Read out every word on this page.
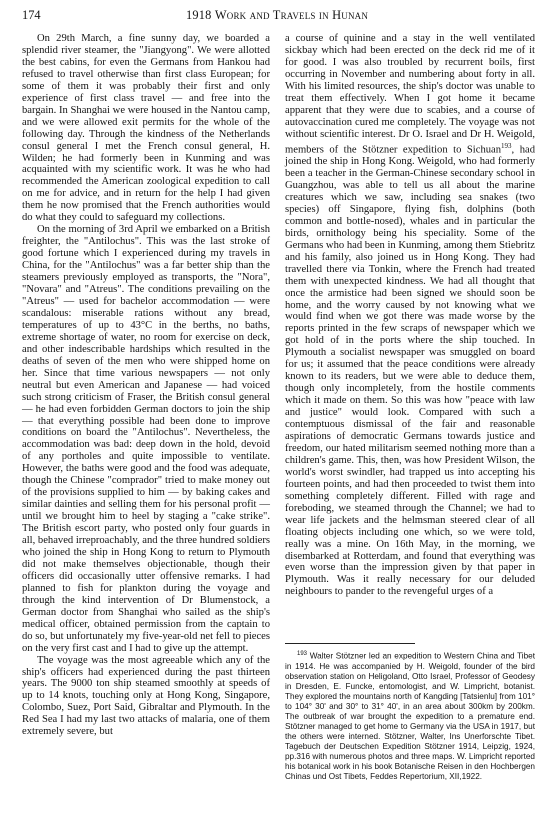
174	1918 Work and Travels in Hunan

On 29th March, a fine sunny day, we boarded a splendid river steamer, the "Jiangyong". We were allotted the best cabins, for even the Germans from Hankou had refused to travel otherwise than first class European; for some of them it was probably their first and only experience of first class travel — and free into the bargain. In Shanghai we were housed in the Nantou camp, and we were allowed exit permits for the whole of the following day. Through the kindness of the Netherlands consul general I met the French consul general, H. Wilden; he had formerly been in Kunming and was acquainted with my scientific work. It was he who had recommended the American zoological expedition to call on me for advice, and in return for the help I had given them he now promised that the French authorities would do what they could to safeguard my collections.

On the morning of 3rd April we embarked on a British freighter, the "Antilochus". This was the last stroke of good fortune which I experienced during my travels in China, for the "Antilochus" was a far better ship than the steamers previously employed as transports, the "Nora", "Novara" and "Atreus". The conditions prevailing on the "Atreus" — used for bachelor accommodation — were scandalous: miserable rations without any bread, temperatures of up to 43°C in the berths, no baths, extreme shortage of water, no room for exercise on deck, and other indescribable hardships which resulted in the deaths of seven of the men who were shipped home on her. Since that time various newspapers — not only neutral but even American and Japanese — had voiced such strong criticism of Fraser, the British consul general — he had even forbidden German doctors to join the ship — that everything possible had been done to improve conditions on board the "Antilochus". Nevertheless, the accommodation was bad: deep down in the hold, devoid of any portholes and quite impossible to ventilate. However, the baths were good and the food was adequate, though the Chinese "comprador" tried to make money out of the provisions supplied to him — by baking cakes and similar dainties and selling them for his personal profit — until we brought him to heel by staging a "cake strike". The British escort party, who posted only four guards in all, behaved irreproachably, and the three hundred soldiers who joined the ship in Hong Kong to return to Plymouth did not make themselves objectionable, though their officers did occasionally utter offensive remarks. I had planned to fish for plankton during the voyage and through the kind intervention of Dr Blumenstock, a German doctor from Shanghai who sailed as the ship's medical officer, obtained permission from the captain to do so, but unfortunately my five-year-old net fell to pieces on the very first cast and I had to give up the attempt.

The voyage was the most agreeable which any of the ship's officers had experienced during the past thirteen years. The 9000 ton ship steamed smoothly at speeds of up to 14 knots, touching only at Hong Kong, Singapore, Colombo, Suez, Port Said, Gibraltar and Plymouth. In the Red Sea I had my last two attacks of malaria, one of them extremely severe, but

a course of quinine and a stay in the well ventilated sickbay which had been erected on the deck rid me of it for good. I was also troubled by recurrent boils, first occurring in November and numbering about forty in all. With his limited resources, the ship's doctor was unable to treat them effectively. When I got home it became apparent that they were due to scabies, and a course of autovaccination cured me completely. The voyage was not without scientific interest. Dr O. Israel and Dr H. Weigold, members of the Stötzner expedition to Sichuan$^{193}$, had joined the ship in Hong Kong. Weigold, who had formerly been a teacher in the German-Chinese secondary school in Guangzhou, was able to tell us all about the marine creatures which we saw, including sea snakes (two species) off Singapore, flying fish, dolphins (both common and bottle-nosed), whales and in particular the birds, ornithology being his speciality. Some of the Germans who had been in Kunming, among them Stiebritz and his family, also joined us in Hong Kong. They had travelled there via Tonkin, where the French had treated them with unexpected kindness. We had all thought that once the armistice had been signed we should soon be home, and the worry caused by not knowing what we would find when we got there was made worse by the reports printed in the few scraps of newspaper which we got hold of in the ports where the ship touched. In Plymouth a socialist newspaper was smuggled on board for us; it assumed that the peace conditions were already known to its readers, but we were able to deduce them, though only incompletely, from the hostile comments which it made on them. So this was how "peace with law and justice" would look. Compared with such a contemptuous dismissal of the fair and reasonable aspirations of democratic Germans towards justice and freedom, our hated militarism seemed nothing more than a children's game. This, then, was how President Wilson, the world's worst swindler, had trapped us into accepting his fourteen points, and had then proceeded to twist them into something completely different. Filled with rage and foreboding, we steamed through the Channel; we had to wear life jackets and the helmsman steered clear of all floating objects including one which, so we were told, really was a mine. On 16th May, in the morning, we disembarked at Rotterdam, and found that everything was even worse than the impression given by that paper in Plymouth. Was it really necessary for our deluded neighbours to pander to the revengeful urges of a

$^{193}$ Walter Stötzner led an expedition to Western China and Tibet in 1914. He was accompanied by H. Weigold, founder of the bird observation station on Heligoland, Otto Israel, Professor of Geodesy in Dresden, E. Funcke, entomologist, and W. Limpricht, botanist. They explored the mountains north of Kangding [Tatsienlu] from 101° to 104° 30' and 30° to 31° 40', in an area about 300km by 200km. The outbreak of war brought the expedition to a premature end. Stötzner managed to get home to Germany via the USA in 1917, but the others were interned. Stötzner, Walter, Ins Unerforschte Tibet. Tagebuch der Deutschen Expedition Stötzner 1914, Leipzig, 1924, pp.316 with numerous photos and three maps. W. Limpricht reported his botanical work in his book Botanische Reisen in den Hochbergen Chinas und Ost Tibets, Feddes Repertorium, XII,1922.
